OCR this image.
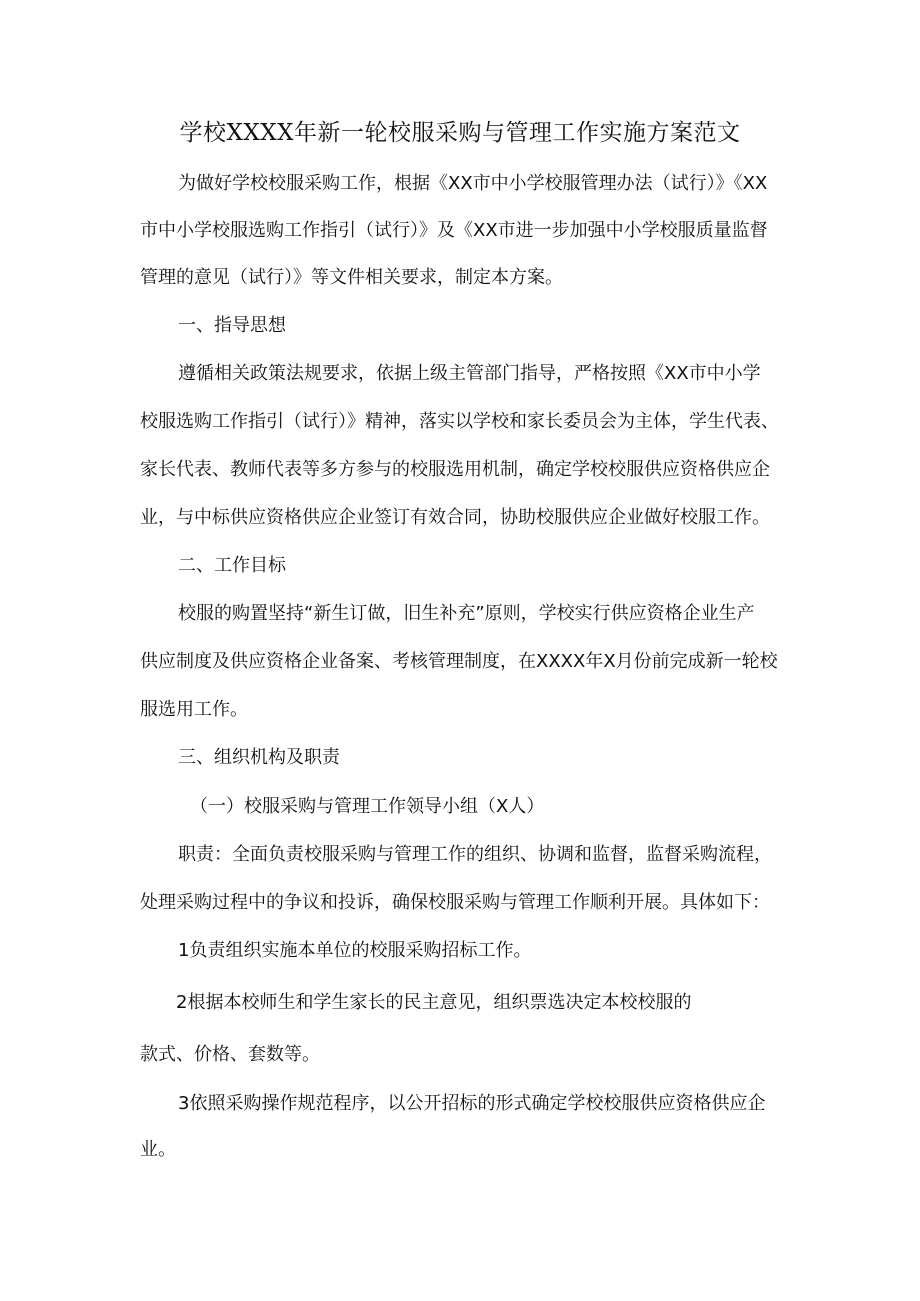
学校XXXX年新一轮校服采购与管理工作实施方案范文
为做好学校校服采购工作，根据《XX市中小学校服管理办法（试行）》《XX
市中小学校服选购工作指引（试行）》及《XX市进一步加强中小学校服质量监督
管理的意见（试行）》等文件相关要求，制定本方案。
一、指导思想
遵循相关政策法规要求，依据上级主管部门指导，严格按照《XX市中小学
校服选购工作指引（试行）》精神，落实以学校和家长委员会为主体，学生代表、
家长代表、教师代表等多方参与的校服选用机制，确定学校校服供应资格供应企
业，与中标供应资格供应企业签订有效合同，协助校服供应企业做好校服工作。
二、工作目标
校服的购置坚持“新生订做，旧生补充”原则，学校实行供应资格企业生产
供应制度及供应资格企业备案、考核管理制度，在XXXX年X月份前完成新一轮校
服选用工作。
三、组织机构及职责
（一）校服采购与管理工作领导小组（X人）
职责：全面负责校服采购与管理工作的组织、协调和监督，监督采购流程，
处理采购过程中的争议和投诉，确保校服采购与管理工作顺利开展。具体如下：
1负责组织实施本单位的校服采购招标工作。
2根据本校师生和学生家长的民主意见，组织票选决定本校校服的
款式、价格、套数等。
3依照采购操作规范程序，以公开招标的形式确定学校校服供应资格供应企
业。
